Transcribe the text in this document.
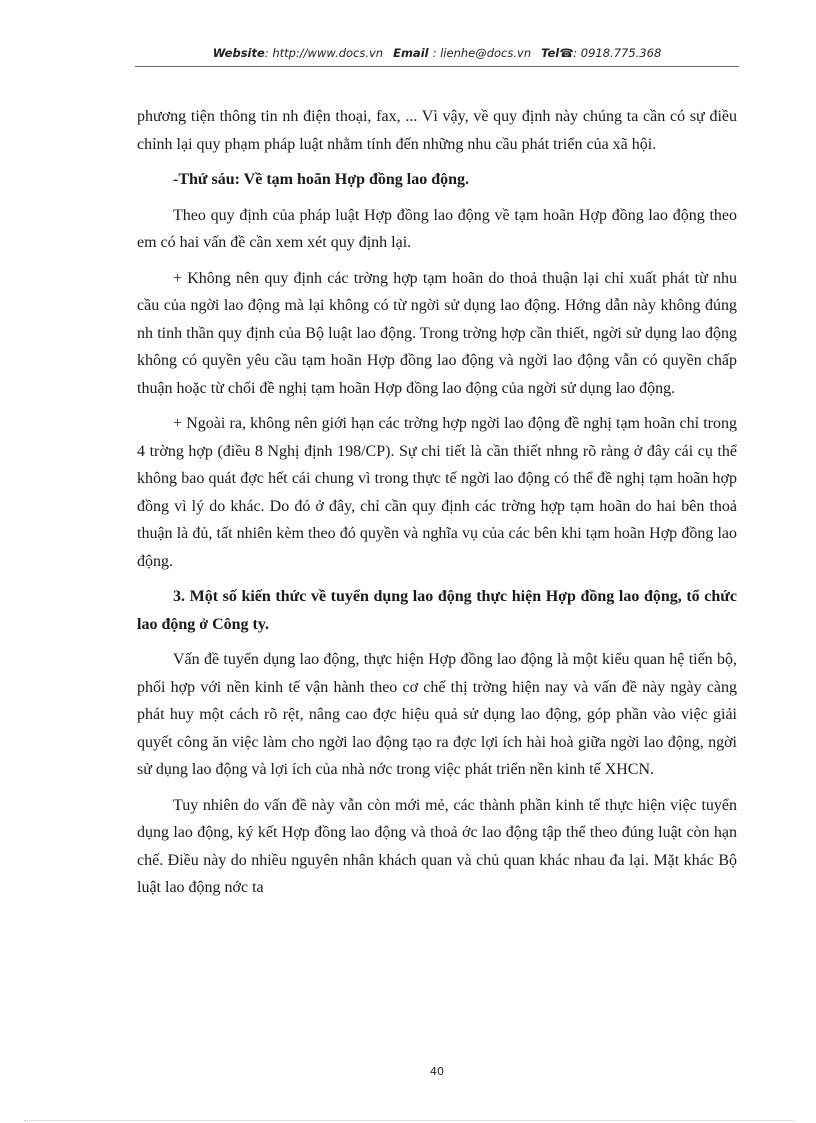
Website: http://www.docs.vn Email : lienhe@docs.vn Tel☎: 0918.775.368

phương tiện thông tin nh điện thoại, fax, ... Vì vậy, về quy định này chúng ta cần có sự điều chỉnh lại quy phạm pháp luật nhằm tính đến những nhu cầu phát triển của xã hội.

-Thứ sáu: Về tạm hoãn Hợp đồng lao động.

Theo quy định của pháp luật Hợp đồng lao động về tạm hoãn Hợp đồng lao động theo em có hai vấn đề cần xem xét quy định lại.

+ Không nên quy định các trờng hợp tạm hoãn do thoả thuận lại chỉ xuất phát từ nhu cầu của ngời lao động mà lại không có từ ngời sử dụng lao động. Hớng dẫn này không đúng nh tinh thần quy định của Bộ luật lao động. Trong trờng hợp cần thiết, ngời sử dụng lao động không có quyền yêu cầu tạm hoãn Hợp đồng lao động và ngời lao động vẫn có quyền chấp thuận hoặc từ chối đề nghị tạm hoãn Hợp đồng lao động của ngời sử dụng lao động.

+ Ngoài ra, không nên giới hạn các trờng hợp ngời lao động đề nghị tạm hoãn chỉ trong 4 trờng hợp (điều 8 Nghị định 198/CP). Sự chi tiết là cần thiết nhng rõ ràng ở đây cái cụ thể không bao quát đợc hết cái chung vì trong thực tế ngời lao động có thể đề nghị tạm hoãn hợp đồng vì lý do khác. Do đó ở đây, chỉ cần quy định các trờng hợp tạm hoãn do hai bên thoả thuận là đủ, tất nhiên kèm theo đó quyền và nghĩa vụ của các bên khi tạm hoãn Hợp đồng lao động.

3. Một số kiến thức về tuyển dụng lao động thực hiện Hợp đồng lao động, tổ chức lao động ở Công ty.

Vấn đề tuyển dụng lao động, thực hiện Hợp đồng lao động là một kiểu quan hệ tiến bộ, phối hợp với nền kinh tế vận hành theo cơ chế thị trờng hiện nay và vấn đề này ngày càng phát huy một cách rõ rệt, nâng cao đợc hiệu quả sử dụng lao động, góp phần vào việc giải quyết công ăn việc làm cho ngời lao động tạo ra đợc lợi ích hài hoà giữa ngời lao động, ngời sử dụng lao động và lợi ích của nhà nớc trong việc phát triển nền kinh tế XHCN.

Tuy nhiên do vấn đề này vẫn còn mới mẻ, các thành phần kinh tế thực hiện việc tuyển dụng lao động, ký kết Hợp đồng lao động và thoả ớc lao động tập thể theo đúng luật còn hạn chế. Điều này do nhiều nguyên nhân khách quan và chủ quan khác nhau đa lại. Mặt khác Bộ luật lao động nớc ta

40
